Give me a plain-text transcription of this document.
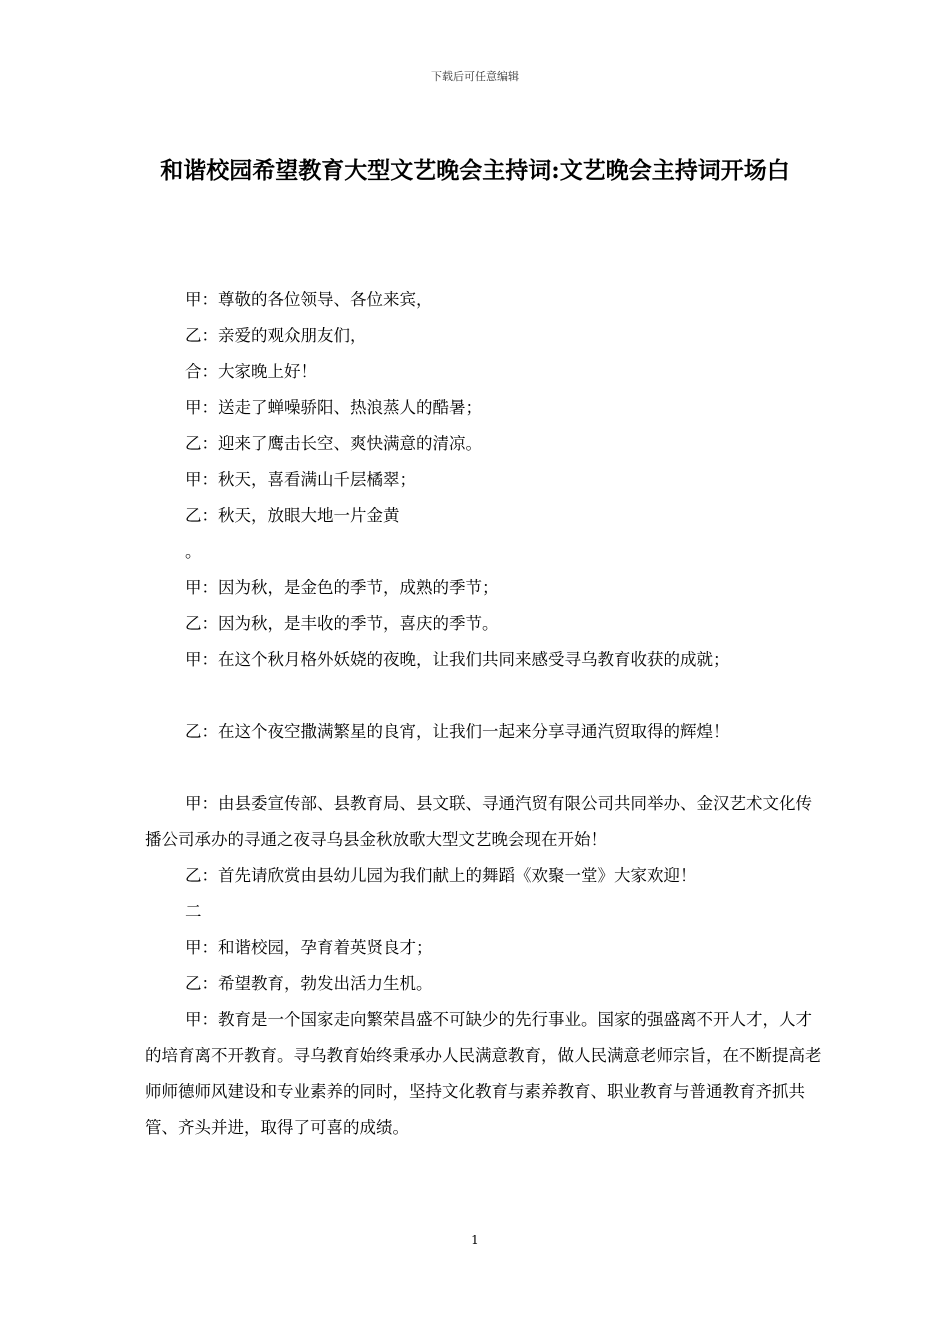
下载后可任意编辑
和谐校园希望教育大型文艺晚会主持词:文艺晚会主持词开场白

甲：尊敬的各位领导、各位来宾，

乙：亲爱的观众朋友们，

合：大家晚上好！

甲：送走了蝉噪骄阳、热浪蒸人的酷暑；

乙：迎来了鹰击长空、爽快满意的清凉。

甲：秋天，喜看满山千层橘翠；

乙：秋天，放眼大地一片金黄

。

甲：因为秋，是金色的季节，成熟的季节；

乙：因为秋，是丰收的季节，喜庆的季节。

甲：在这个秋月格外妖娆的夜晚，让我们共同来感受寻乌教育收获的成就；

乙：在这个夜空撒满繁星的良宵，让我们一起来分享寻通汽贸取得的辉煌！

甲：由县委宣传部、县教育局、县文联、寻通汽贸有限公司共同举办、金汉艺术文化传播公司承办的寻通之夜寻乌县金秋放歌大型文艺晚会现在开始！

乙：首先请欣赏由县幼儿园为我们献上的舞蹈《欢聚一堂》大家欢迎！

二

甲：和谐校园，孕育着英贤良才；

乙：希望教育，勃发出活力生机。

甲：教育是一个国家走向繁荣昌盛不可缺少的先行事业。国家的强盛离不开人才，人才的培育离不开教育。寻乌教育始终秉承办人民满意教育，做人民满意老师宗旨，在不断提高老师师德师风建设和专业素养的同时，坚持文化教育与素养教育、职业教育与普通教育齐抓共管、齐头并进，取得了可喜的成绩。

1
